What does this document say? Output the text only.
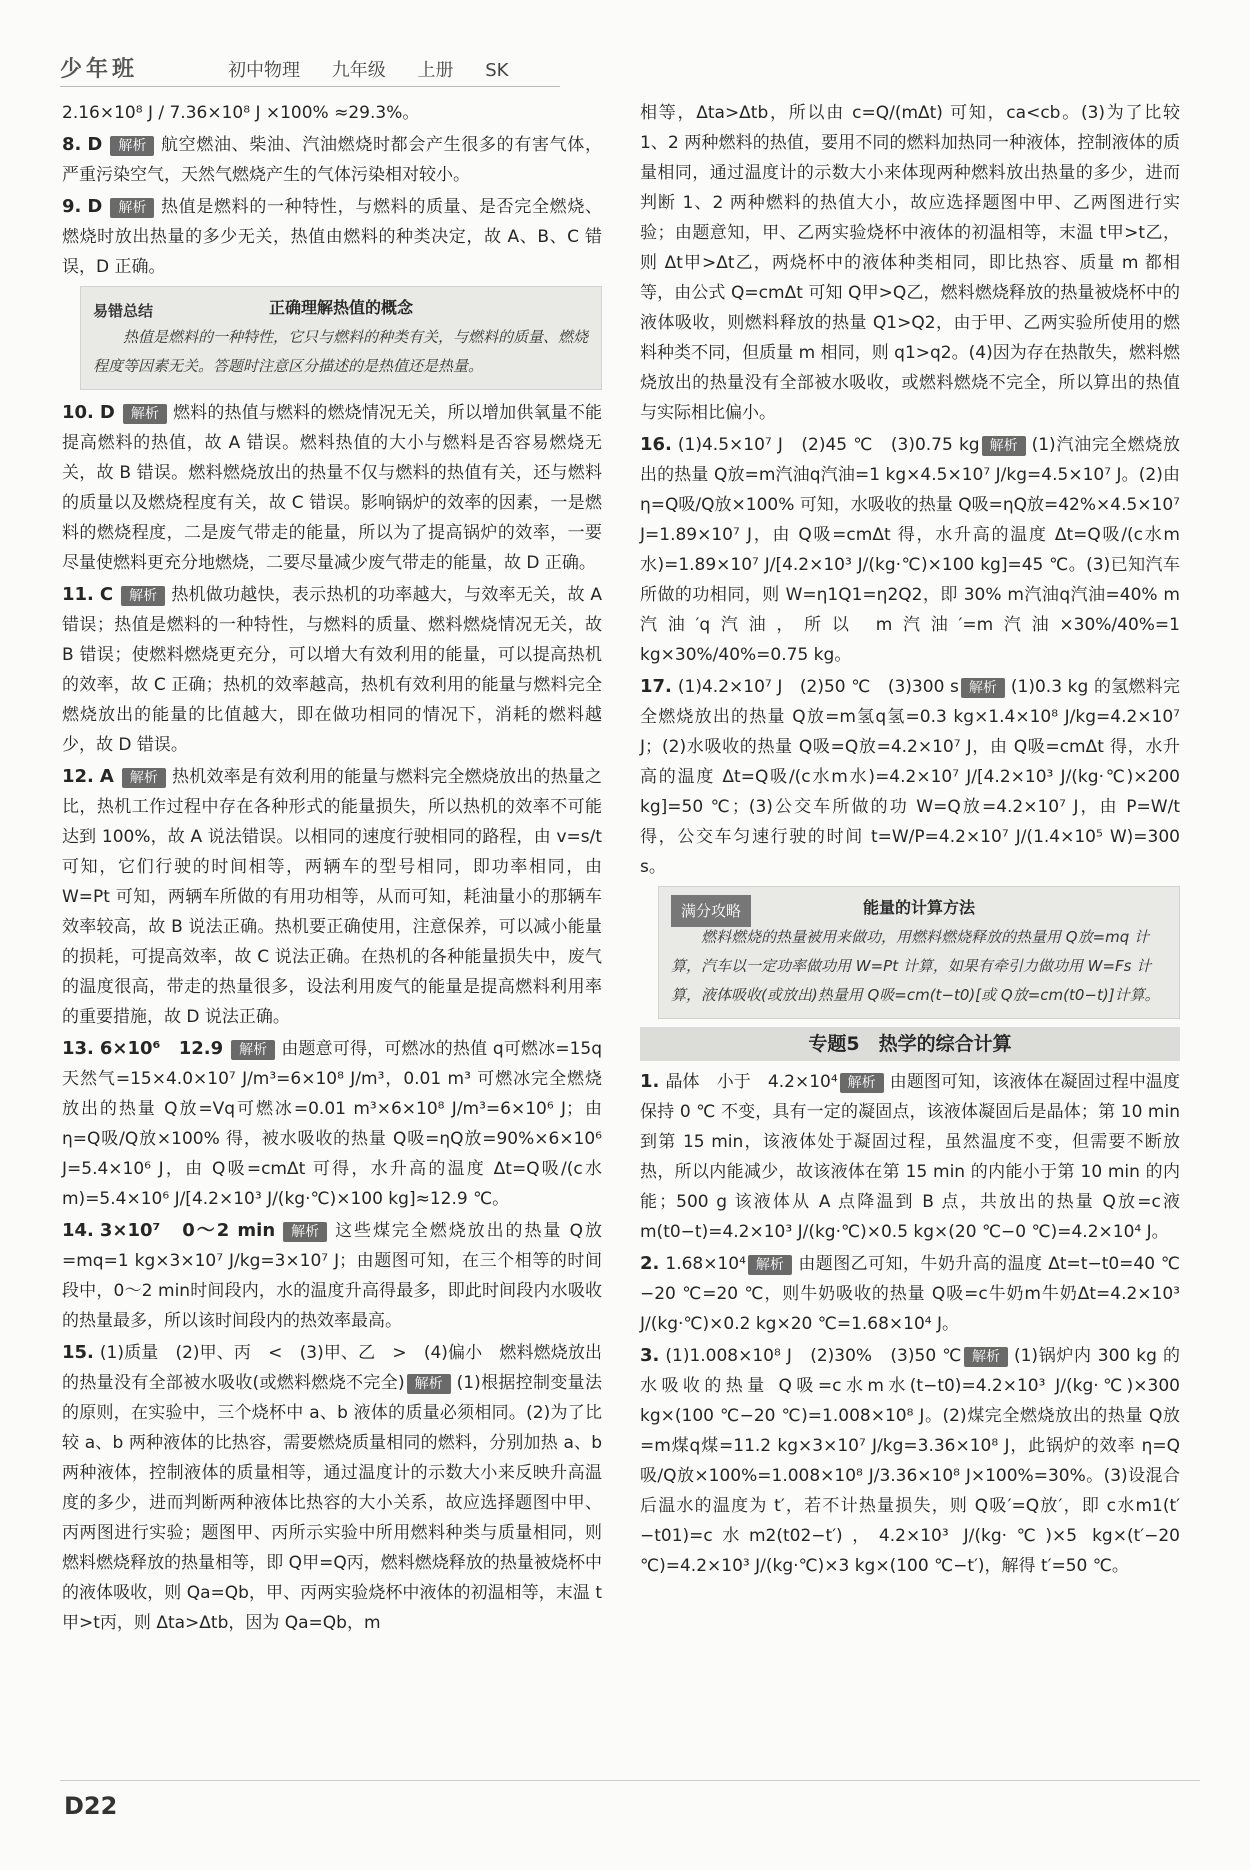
少年班	初中物理 九年级 上册 SK
2.16×10⁸ J / 7.36×10⁸ J ×100% ≈29.3%。
8. D 解析 航空燃油、柴油、汽油燃烧时都会产生很多的有害气体，严重污染空气，天然气燃烧产生的气体污染相对较小。
9. D 解析 热值是燃料的一种特性，与燃料的质量、是否完全燃烧、燃烧时放出热量的多少无关，热值由燃料的种类决定，故 A、B、C 错误，D 正确。
易错总结	正确理解热值的概念
热值是燃料的一种特性，它只与燃料的种类有关，与燃料的质量、燃烧程度等因素无关。答题时注意区分描述的是热值还是热量。
10. D 解析 燃料的热值与燃料的燃烧情况无关，所以增加供氧量不能提高燃料的热值，故 A 错误。燃料热值的大小与燃料是否容易燃烧无关，故 B 错误。燃料燃烧放出的热量不仅与燃料的热值有关，还与燃料的质量以及燃烧程度有关，故 C 错误。影响锅炉的效率的因素，一是燃料的燃烧程度，二是废气带走的能量，所以为了提高锅炉的效率，一要尽量使燃料更充分地燃烧，二要尽量减少废气带走的能量，故 D 正确。
11. C 解析 热机做功越快，表示热机的功率越大，与效率无关，故 A 错误；热值是燃料的一种特性，与燃料的质量、燃料燃烧情况无关，故 B 错误；使燃料燃烧更充分，可以增大有效利用的能量，可以提高热机的效率，故 C 正确；热机的效率越高，热机有效利用的能量与燃料完全燃烧放出的能量的比值越大，即在做功相同的情况下，消耗的燃料越少，故 D 错误。
12. A 解析 热机效率是有效利用的能量与燃料完全燃烧放出的热量之比，热机工作过程中存在各种形式的能量损失，所以热机的效率不可能达到 100%，故 A 说法错误。以相同的速度行驶相同的路程，由 v=s/t 可知，它们行驶的时间相等，两辆车的型号相同，即功率相同，由 W=Pt 可知，两辆车所做的有用功相等，从而可知，耗油量小的那辆车效率较高，故 B 说法正确。热机要正确使用，注意保养，可以减小能量的损耗，可提高效率，故 C 说法正确。在热机的各种能量损失中，废气的温度很高，带走的热量很多，设法利用废气的能量是提高燃料利用率的重要措施，故 D 说法正确。
13. 6×10⁶　12.9 解析 由题意可得，可燃冰的热值 q可燃冰=15q天然气=15×4.0×10⁷ J/m³=6×10⁸ J/m³，0.01 m³ 可燃冰完全燃烧放出的热量 Q放=Vq可燃冰=0.01 m³×6×10⁸ J/m³=6×10⁶ J；由 η=Q吸/Q放×100% 得，被水吸收的热量 Q吸=ηQ放=90%×6×10⁶ J=5.4×10⁶ J，由 Q吸=cmΔt 可得，水升高的温度 Δt=Q吸/(c水m)=5.4×10⁶ J/[4.2×10³ J/(kg·℃)×100 kg]≈12.9 ℃。
14. 3×10⁷　0～2 min 解析 这些煤完全燃烧放出的热量 Q放=mq=1 kg×3×10⁷ J/kg=3×10⁷ J；由题图可知，在三个相等的时间段中，0～2 min时间段内，水的温度升高得最多，即此时间段内水吸收的热量最多，所以该时间段内的热效率最高。
15. (1)质量　(2)甲、丙　<　(3)甲、乙　>　(4)偏小　燃料燃烧放出的热量没有全部被水吸收(或燃料燃烧不完全) 解析 (1)根据控制变量法的原则，在实验中，三个烧杯中 a、b 液体的质量必须相同。(2)为了比较 a、b 两种液体的比热容，需要燃烧质量相同的燃料，分别加热 a、b 两种液体，控制液体的质量相等，通过温度计的示数大小来反映升高温度的多少，进而判断两种液体比热容的大小关系，故应选择题图中甲、丙两图进行实验；题图甲、丙所示实验中所用燃料种类与质量相同，则燃料燃烧释放的热量相等，即 Q甲=Q丙，燃料燃烧释放的热量被烧杯中的液体吸收，则 Qa=Qb，甲、丙两实验烧杯中液体的初温相等，末温 t甲>t丙，则 Δta>Δtb，因为 Qa=Qb，m
相等，Δta>Δtb，所以由 c=Q/(mΔt) 可知，ca<cb。(3)为了比较 1、2 两种燃料的热值，要用不同的燃料加热同一种液体，控制液体的质量相同，通过温度计的示数大小来体现两种燃料放出热量的多少，进而判断 1、2 两种燃料的热值大小，故应选择题图中甲、乙两图进行实验；由题意知，甲、乙两实验烧杯中液体的初温相等，末温 t甲>t乙，则 Δt甲>Δt乙，两烧杯中的液体种类相同，即比热容、质量 m 都相等，由公式 Q=cmΔt 可知 Q甲>Q乙，燃料燃烧释放的热量被烧杯中的液体吸收，则燃料释放的热量 Q1>Q2，由于甲、乙两实验所使用的燃料种类不同，但质量 m 相同，则 q1>q2。(4)因为存在热散失，燃料燃烧放出的热量没有全部被水吸收，或燃料燃烧不完全，所以算出的热值与实际相比偏小。
16. (1)4.5×10⁷ J　(2)45 ℃　(3)0.75 kg 解析 (1)汽油完全燃烧放出的热量 Q放=m汽油q汽油=1 kg×4.5×10⁷ J/kg=4.5×10⁷ J。(2)由 η=Q吸/Q放×100% 可知，水吸收的热量 Q吸=ηQ放=42%×4.5×10⁷ J=1.89×10⁷ J，由 Q吸=cmΔt 得，水升高的温度 Δt=Q吸/(c水m水)=1.89×10⁷ J/[4.2×10³ J/(kg·℃)×100 kg]=45 ℃。(3)已知汽车所做的功相同，则 W=η1Q1=η2Q2，即 30% m汽油q汽油=40% m汽油′q汽油，所以 m汽油′=m汽油×30%/40%=1 kg×30%/40%=0.75 kg。
17. (1)4.2×10⁷ J　(2)50 ℃　(3)300 s 解析 (1)0.3 kg 的氢燃料完全燃烧放出的热量 Q放=m氢q氢=0.3 kg×1.4×10⁸ J/kg=4.2×10⁷ J；(2)水吸收的热量 Q吸=Q放=4.2×10⁷ J，由 Q吸=cmΔt 得，水升高的温度 Δt=Q吸/(c水m水)=4.2×10⁷ J/[4.2×10³ J/(kg·℃)×200 kg]=50 ℃；(3)公交车所做的功 W=Q放=4.2×10⁷ J，由 P=W/t 得，公交车匀速行驶的时间 t=W/P=4.2×10⁷ J/(1.4×10⁵ W)=300 s。
满分攻略	能量的计算方法
燃料燃烧的热量被用来做功，用燃料燃烧释放的热量用 Q放=mq 计算，汽车以一定功率做功用 W=Pt 计算，如果有牵引力做功用 W=Fs 计算，液体吸收(或放出)热量用 Q吸=cm(t−t0)[或 Q放=cm(t0−t)]计算。
专题5　热学的综合计算
1. 晶体　小于　4.2×10⁴ 解析 由题图可知，该液体在凝固过程中温度保持 0 ℃ 不变，具有一定的凝固点，该液体凝固后是晶体；第 10 min到第 15 min，该液体处于凝固过程，虽然温度不变，但需要不断放热，所以内能减少，故该液体在第 15 min 的内能小于第 10 min 的内能；500 g 该液体从 A 点降温到 B 点，共放出的热量 Q放=c液m(t0−t)=4.2×10³ J/(kg·℃)×0.5 kg×(20 ℃−0 ℃)=4.2×10⁴ J。
2. 1.68×10⁴ 解析 由题图乙可知，牛奶升高的温度 Δt=t−t0=40 ℃−20 ℃=20 ℃，则牛奶吸收的热量 Q吸=c牛奶m牛奶Δt=4.2×10³ J/(kg·℃)×0.2 kg×20 ℃=1.68×10⁴ J。
3. (1)1.008×10⁸ J　(2)30%　(3)50 ℃ 解析 (1)锅炉内 300 kg 的水吸收的热量 Q吸=c水m水(t−t0)=4.2×10³ J/(kg·℃)×300 kg×(100 ℃−20 ℃)=1.008×10⁸ J。(2)煤完全燃烧放出的热量 Q放=m煤q煤=11.2 kg×3×10⁷ J/kg=3.36×10⁸ J，此锅炉的效率 η=Q吸/Q放×100%=1.008×10⁸ J/3.36×10⁸ J×100%=30%。(3)设混合后温水的温度为 t′，若不计热量损失，则 Q吸′=Q放′，即 c水m1(t′−t01)=c水m2(t02−t′)，4.2×10³ J/(kg·℃)×5 kg×(t′−20 ℃)=4.2×10³ J/(kg·℃)×3 kg×(100 ℃−t′)，解得 t′=50 ℃。
D22
